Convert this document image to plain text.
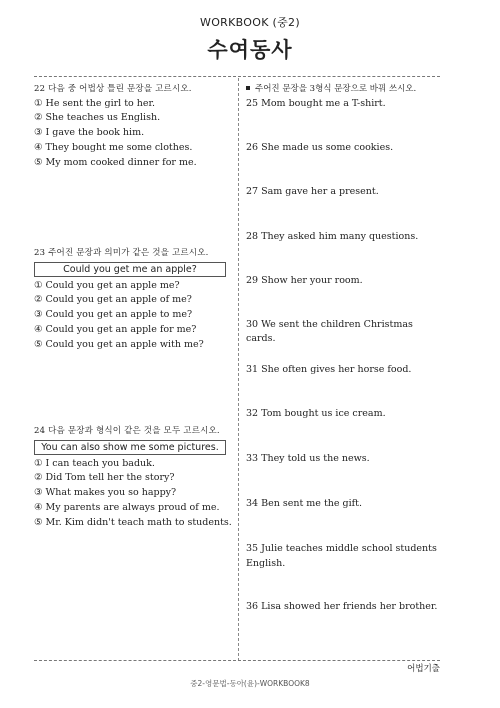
WORKBOOK (중2)
수여동사
22 다음 중 어법상 틀린 문장을 고르시오.
① He sent the girl to her.
② She teaches us English.
③ I gave the book him.
④ They bought me some clothes.
⑤ My mom cooked dinner for me.
23 주어진 문장과 의미가 같은 것을 고르시오.
Could you get me an apple?
① Could you get an apple me?
② Could you get an apple of me?
③ Could you get an apple to me?
④ Could you get an apple for me?
⑤ Could you get an apple with me?
24 다음 문장과 형식이 같은 것을 모두 고르시오.
You can also show me some pictures.
① I can teach you baduk.
② Did Tom tell her the story?
③ What makes you so happy?
④ My parents are always proud of me.
⑤ Mr. Kim didn't teach math to students.
주어진 문장을 3형식 문장으로 바꿔 쓰시오.
25 Mom bought me a T-shirt.
26 She made us some cookies.
27 Sam gave her a present.
28 They asked him many questions.
29 Show her your room.
30 We sent the children Christmas cards.
31 She often gives her horse food.
32 Tom bought us ice cream.
33 They told us the news.
34 Ben sent me the gift.
35 Julie teaches middle school students English.
36 Lisa showed her friends her brother.
어법기출
중2-영문법-동아(윤)-WORKBOOK8
